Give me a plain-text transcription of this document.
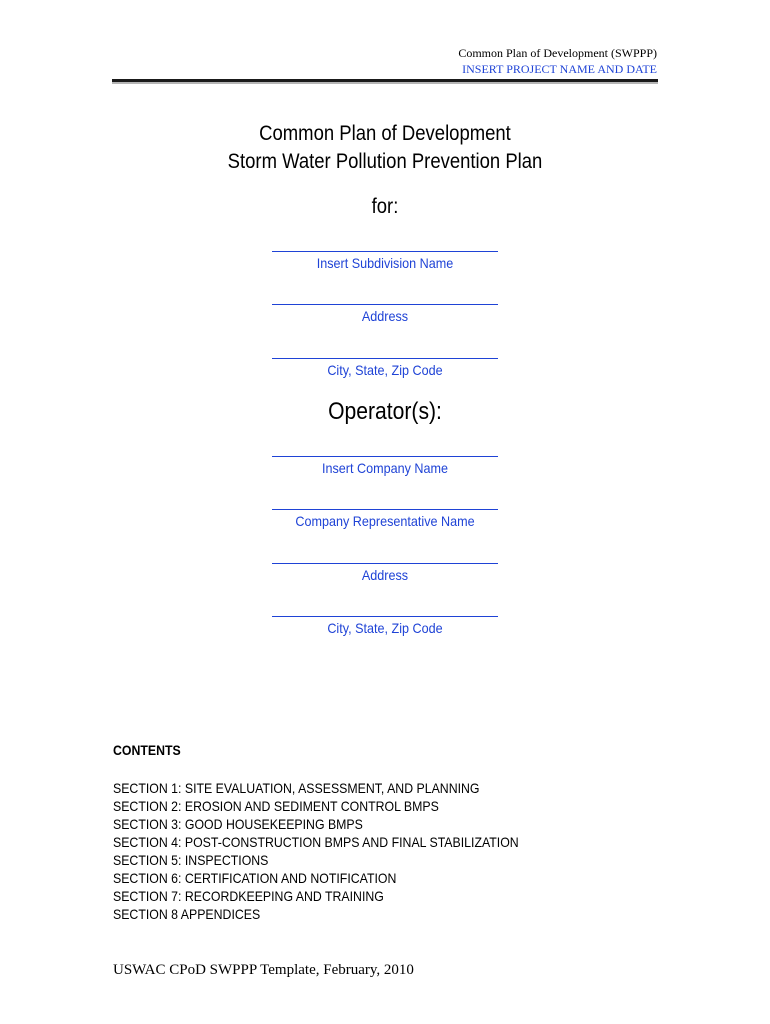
Common Plan of Development (SWPPP)
INSERT PROJECT NAME AND DATE
Common Plan of Development
Storm Water Pollution Prevention Plan
for:
Insert Subdivision Name
Address
City, State, Zip Code
Operator(s):
Insert Company Name
Company Representative Name
Address
City, State, Zip Code
CONTENTS
SECTION 1: SITE EVALUATION, ASSESSMENT, AND PLANNING
SECTION 2: EROSION AND SEDIMENT CONTROL BMPS
SECTION 3: GOOD HOUSEKEEPING BMPS
SECTION 4: POST-CONSTRUCTION BMPS AND FINAL STABILIZATION
SECTION 5: INSPECTIONS
SECTION 6: CERTIFICATION AND NOTIFICATION
SECTION 7: RECORDKEEPING AND TRAINING
SECTION 8 APPENDICES
USWAC CPoD SWPPP Template, February, 2010
